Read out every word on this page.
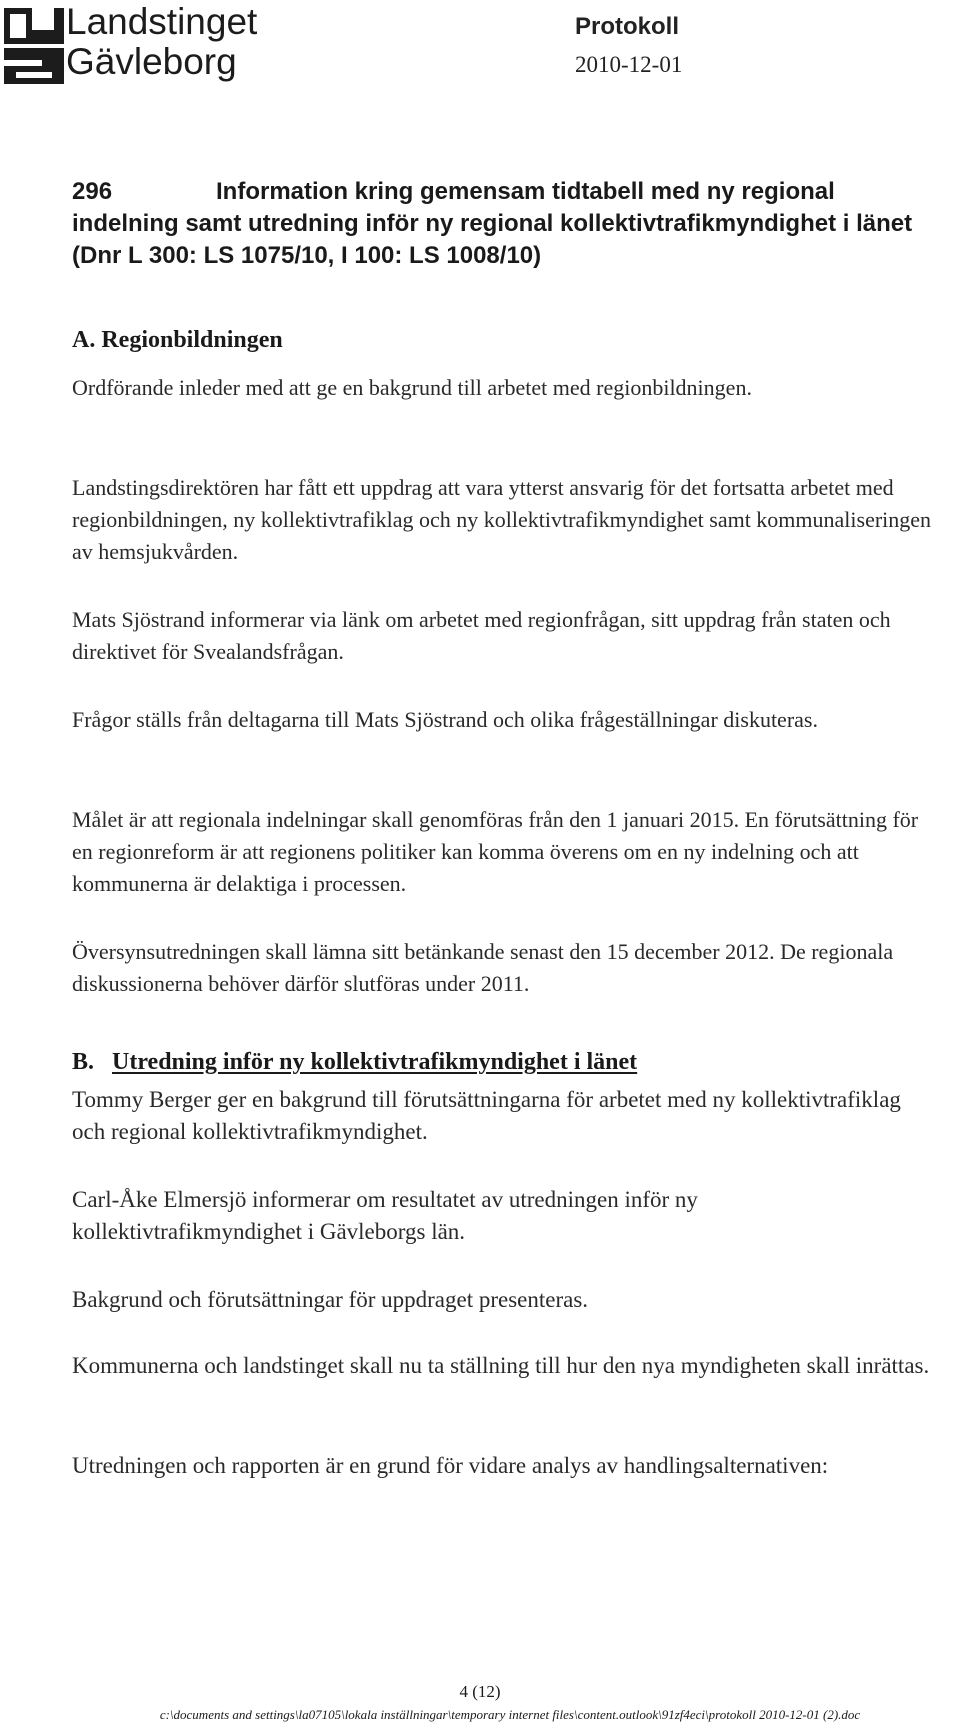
Landstinget
Gävleborg
Protokoll
2010-12-01
296	Information kring gemensam tidtabell med ny regional indelning samt utredning inför ny regional kollektivtrafikmyndighet i länet (Dnr L 300: LS 1075/10, I 100: LS 1008/10)
A. Regionbildningen

Ordförande inleder med att ge en bakgrund till arbetet med regionbildningen.

Landstingsdirektören har fått ett uppdrag att vara ytterst ansvarig för det fortsatta arbetet med regionbildningen, ny kollektivtrafiklag och ny kollektivtrafikmyndighet samt kommunaliseringen av hemsjukvården.

Mats Sjöstrand informerar via länk om arbetet med regionfrågan, sitt uppdrag från staten och direktivet för Svealandsfrågan.

Frågor ställs från deltagarna till Mats Sjöstrand och olika frågeställningar diskuteras.

Målet är att regionala indelningar skall genomföras från den 1 januari 2015. En förutsättning för en regionreform är att regionens politiker kan komma överens om en ny indelning och att kommunerna är delaktiga i processen.

Översynsutredningen skall lämna sitt betänkande senast den 15 december 2012. De regionala diskussionerna behöver därför slutföras under 2011.

B. Utredning inför ny kollektivtrafikmyndighet i länet

Tommy Berger ger en bakgrund till förutsättningarna för arbetet med ny kollektivtrafiklag och regional kollektivtrafikmyndighet.

Carl-Åke Elmersjö informerar om resultatet av utredningen inför ny kollektivtrafikmyndighet i Gävleborgs län.

Bakgrund och förutsättningar för uppdraget presenteras.

Kommunerna och landstinget skall nu ta ställning till hur den nya myndigheten skall inrättas.

Utredningen och rapporten är en grund för vidare analys av handlingsalternativen:

4 (12)
c:\documents and settings\la07105\lokala inställningar\temporary internet files\content.outlook\91zf4eci\protokoll 2010-12-01 (2).doc
